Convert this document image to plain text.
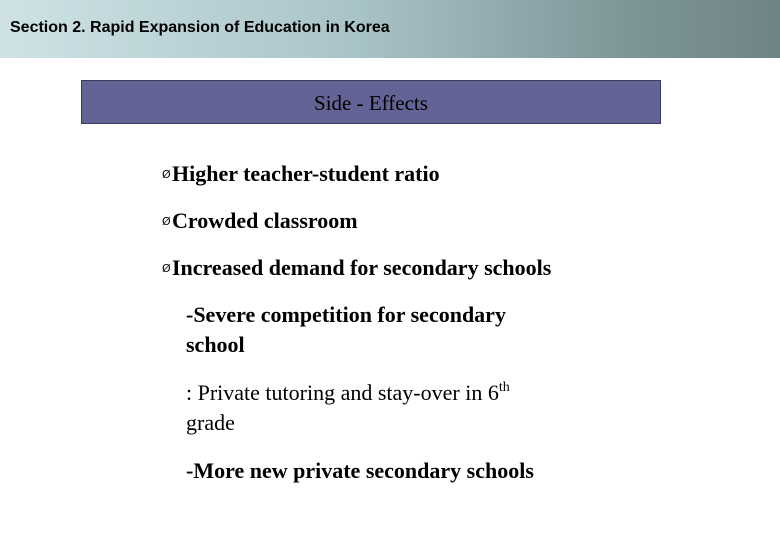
Section 2. Rapid Expansion of Education in Korea
Side - Effects
ØHigher teacher-student ratio
ØCrowded classroom
ØIncreased demand for secondary schools
-Severe competition for secondary
school
: Private tutoring and stay-over in 6th
grade
-More new private secondary schools
